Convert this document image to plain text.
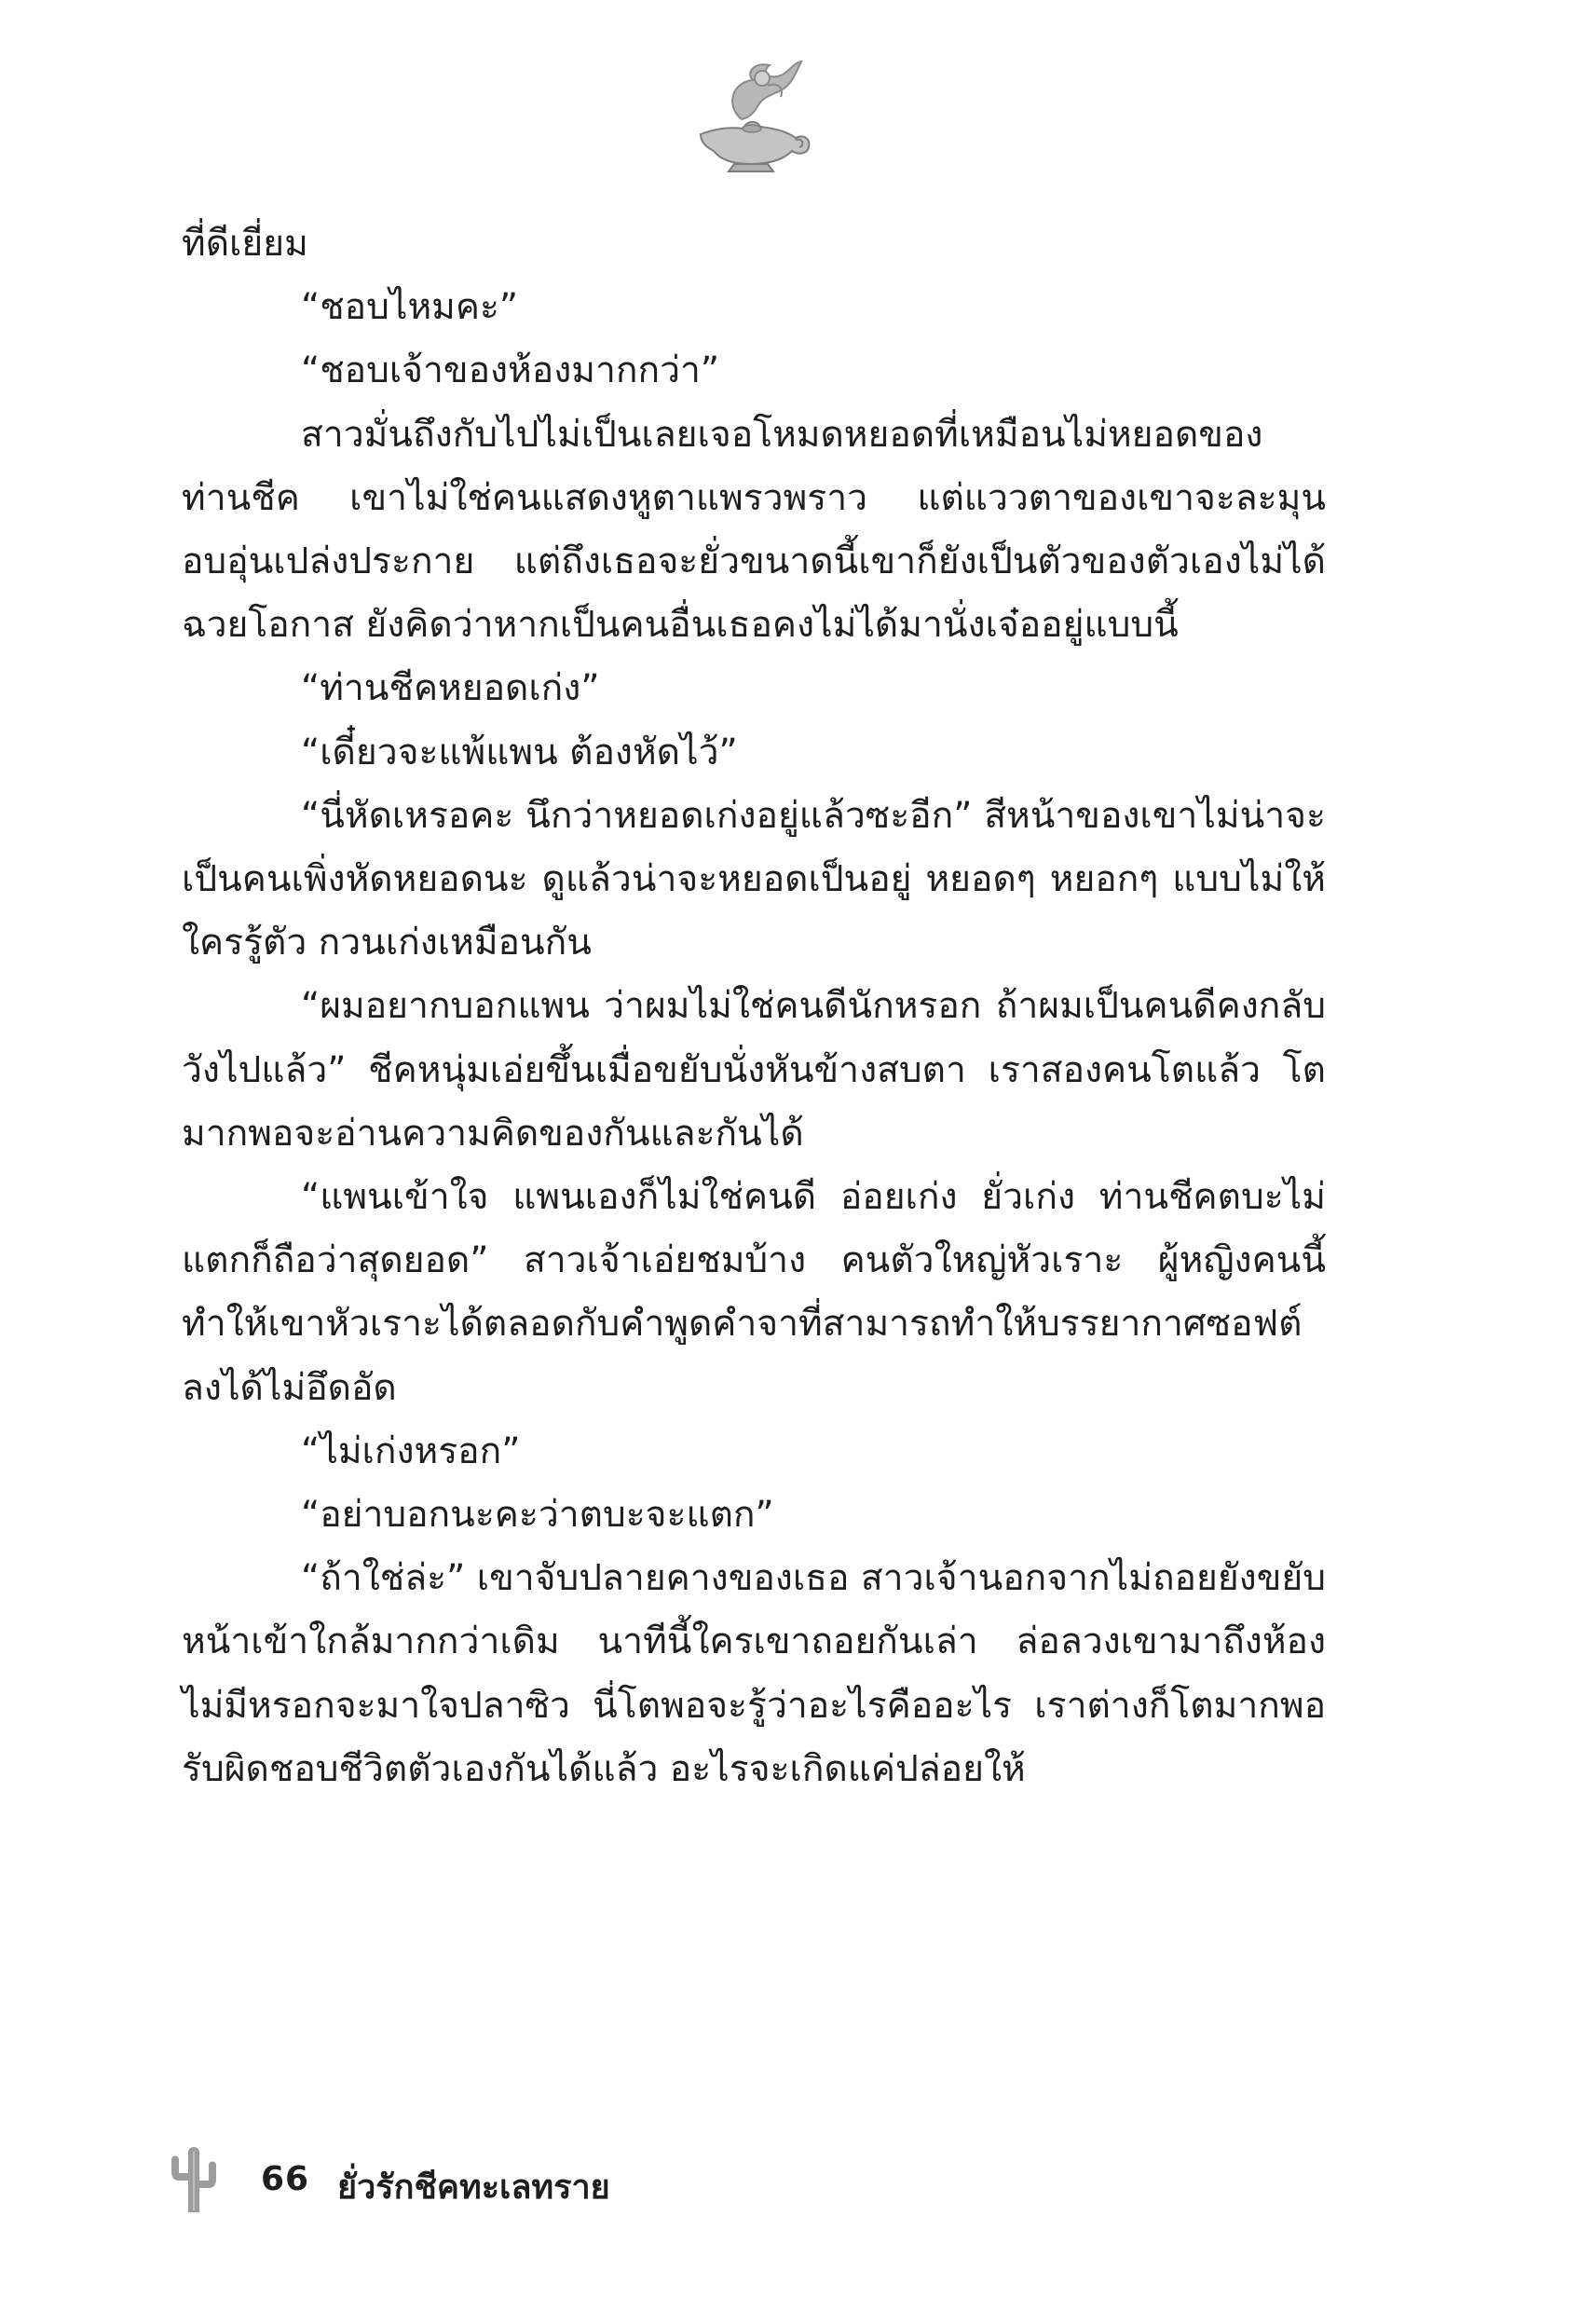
ที่ดีเยี่ยม

“ชอบไหมคะ”

“ชอบเจ้าของห้องมากกว่า”

สาวมั่นถึงกับไปไม่เป็นเลยเจอโหมดหยอดที่เหมือนไม่หยอดของท่านชีค เขาไม่ใช่คนแสดงหูตาแพรวพราว แต่แววตาของเขาจะละมุนอบอุ่นเปล่งประกาย แต่ถึงเธอจะยั่วขนาดนี้เขาก็ยังเป็นตัวของตัวเองไม่ได้ฉวยโอกาส ยังคิดว่าหากเป็นคนอื่นเธอคงไม่ได้มานั่งเจ๋ออยู่แบบนี้

“ท่านชีคหยอดเก่ง”

“เดี๋ยวจะแพ้แพน ต้องหัดไว้”

“นี่หัดเหรอคะ นึกว่าหยอดเก่งอยู่แล้วซะอีก” สีหน้าของเขาไม่น่าจะเป็นคนเพิ่งหัดหยอดนะ ดูแล้วน่าจะหยอดเป็นอยู่ หยอดๆ หยอกๆ แบบไม่ให้ใครรู้ตัว กวนเก่งเหมือนกัน

“ผมอยากบอกแพน ว่าผมไม่ใช่คนดีนักหรอก ถ้าผมเป็นคนดีคงกลับวังไปแล้ว” ชีคหนุ่มเอ่ยขึ้นเมื่อขยับนั่งหันข้างสบตา เราสองคนโตแล้ว โตมากพอจะอ่านความคิดของกันและกันได้

“แพนเข้าใจ แพนเองก็ไม่ใช่คนดี อ่อยเก่ง ยั่วเก่ง ท่านชีคตบะไม่แตกก็ถือว่าสุดยอด” สาวเจ้าเอ่ยชมบ้าง คนตัวใหญ่หัวเราะ ผู้หญิงคนนี้ทำให้เขาหัวเราะได้ตลอดกับคำพูดคำจาที่สามารถทำให้บรรยากาศซอฟต์ลงได้ไม่อึดอัด

“ไม่เก่งหรอก”

“อย่าบอกนะคะว่าตบะจะแตก”

“ถ้าใช่ล่ะ” เขาจับปลายคางของเธอ สาวเจ้านอกจากไม่ถอยยังขยับหน้าเข้าใกล้มากกว่าเดิม นาทีนี้ใครเขาถอยกันเล่า ล่อลวงเขามาถึงห้องไม่มีหรอกจะมาใจปลาซิว นี่โตพอจะรู้ว่าอะไรคืออะไร เราต่างก็โตมากพอรับผิดชอบชีวิตตัวเองกันได้แล้ว อะไรจะเกิดแค่ปล่อยให้

66 ยั่วรักชีคทะเลทราย
